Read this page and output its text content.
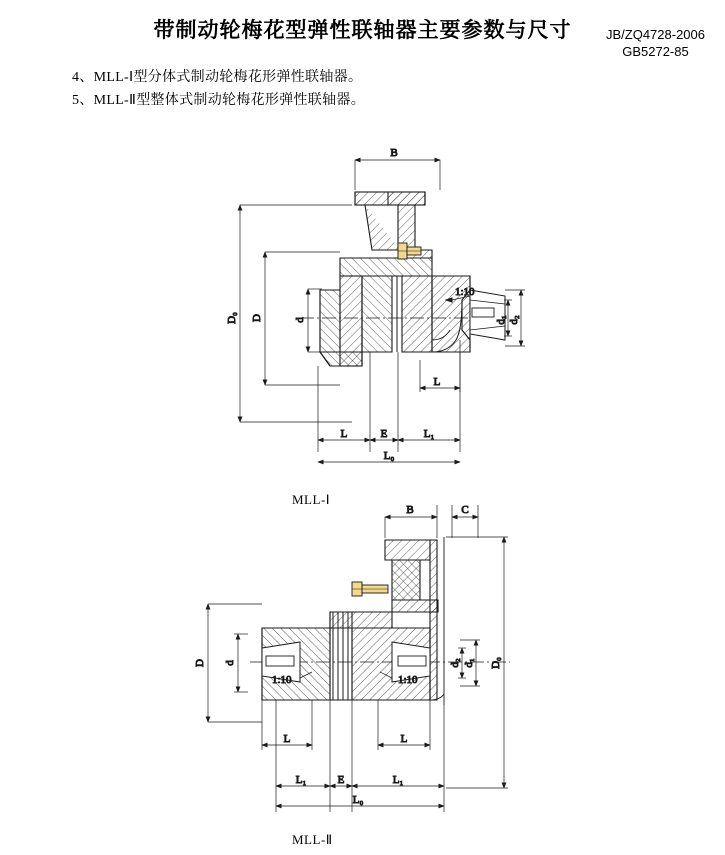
带制动轮梅花型弹性联轴器主要参数与尺寸	JB/ZQ4728-2006
GB5272-85
4、MLL-Ⅰ型分体式制动轮梅花形弹性联轴器。
5、MLL-Ⅱ型整体式制动轮梅花形弹性联轴器。
MLL-Ⅰ
MLL-Ⅱ
B
D₀ D	d	d₁ d₂
1:10
L
L	E	L₁
L₀
B	C
D d	d₂ d₁ D₀
1:10	1:10
L	L
L₁	E	L₁
L₀
